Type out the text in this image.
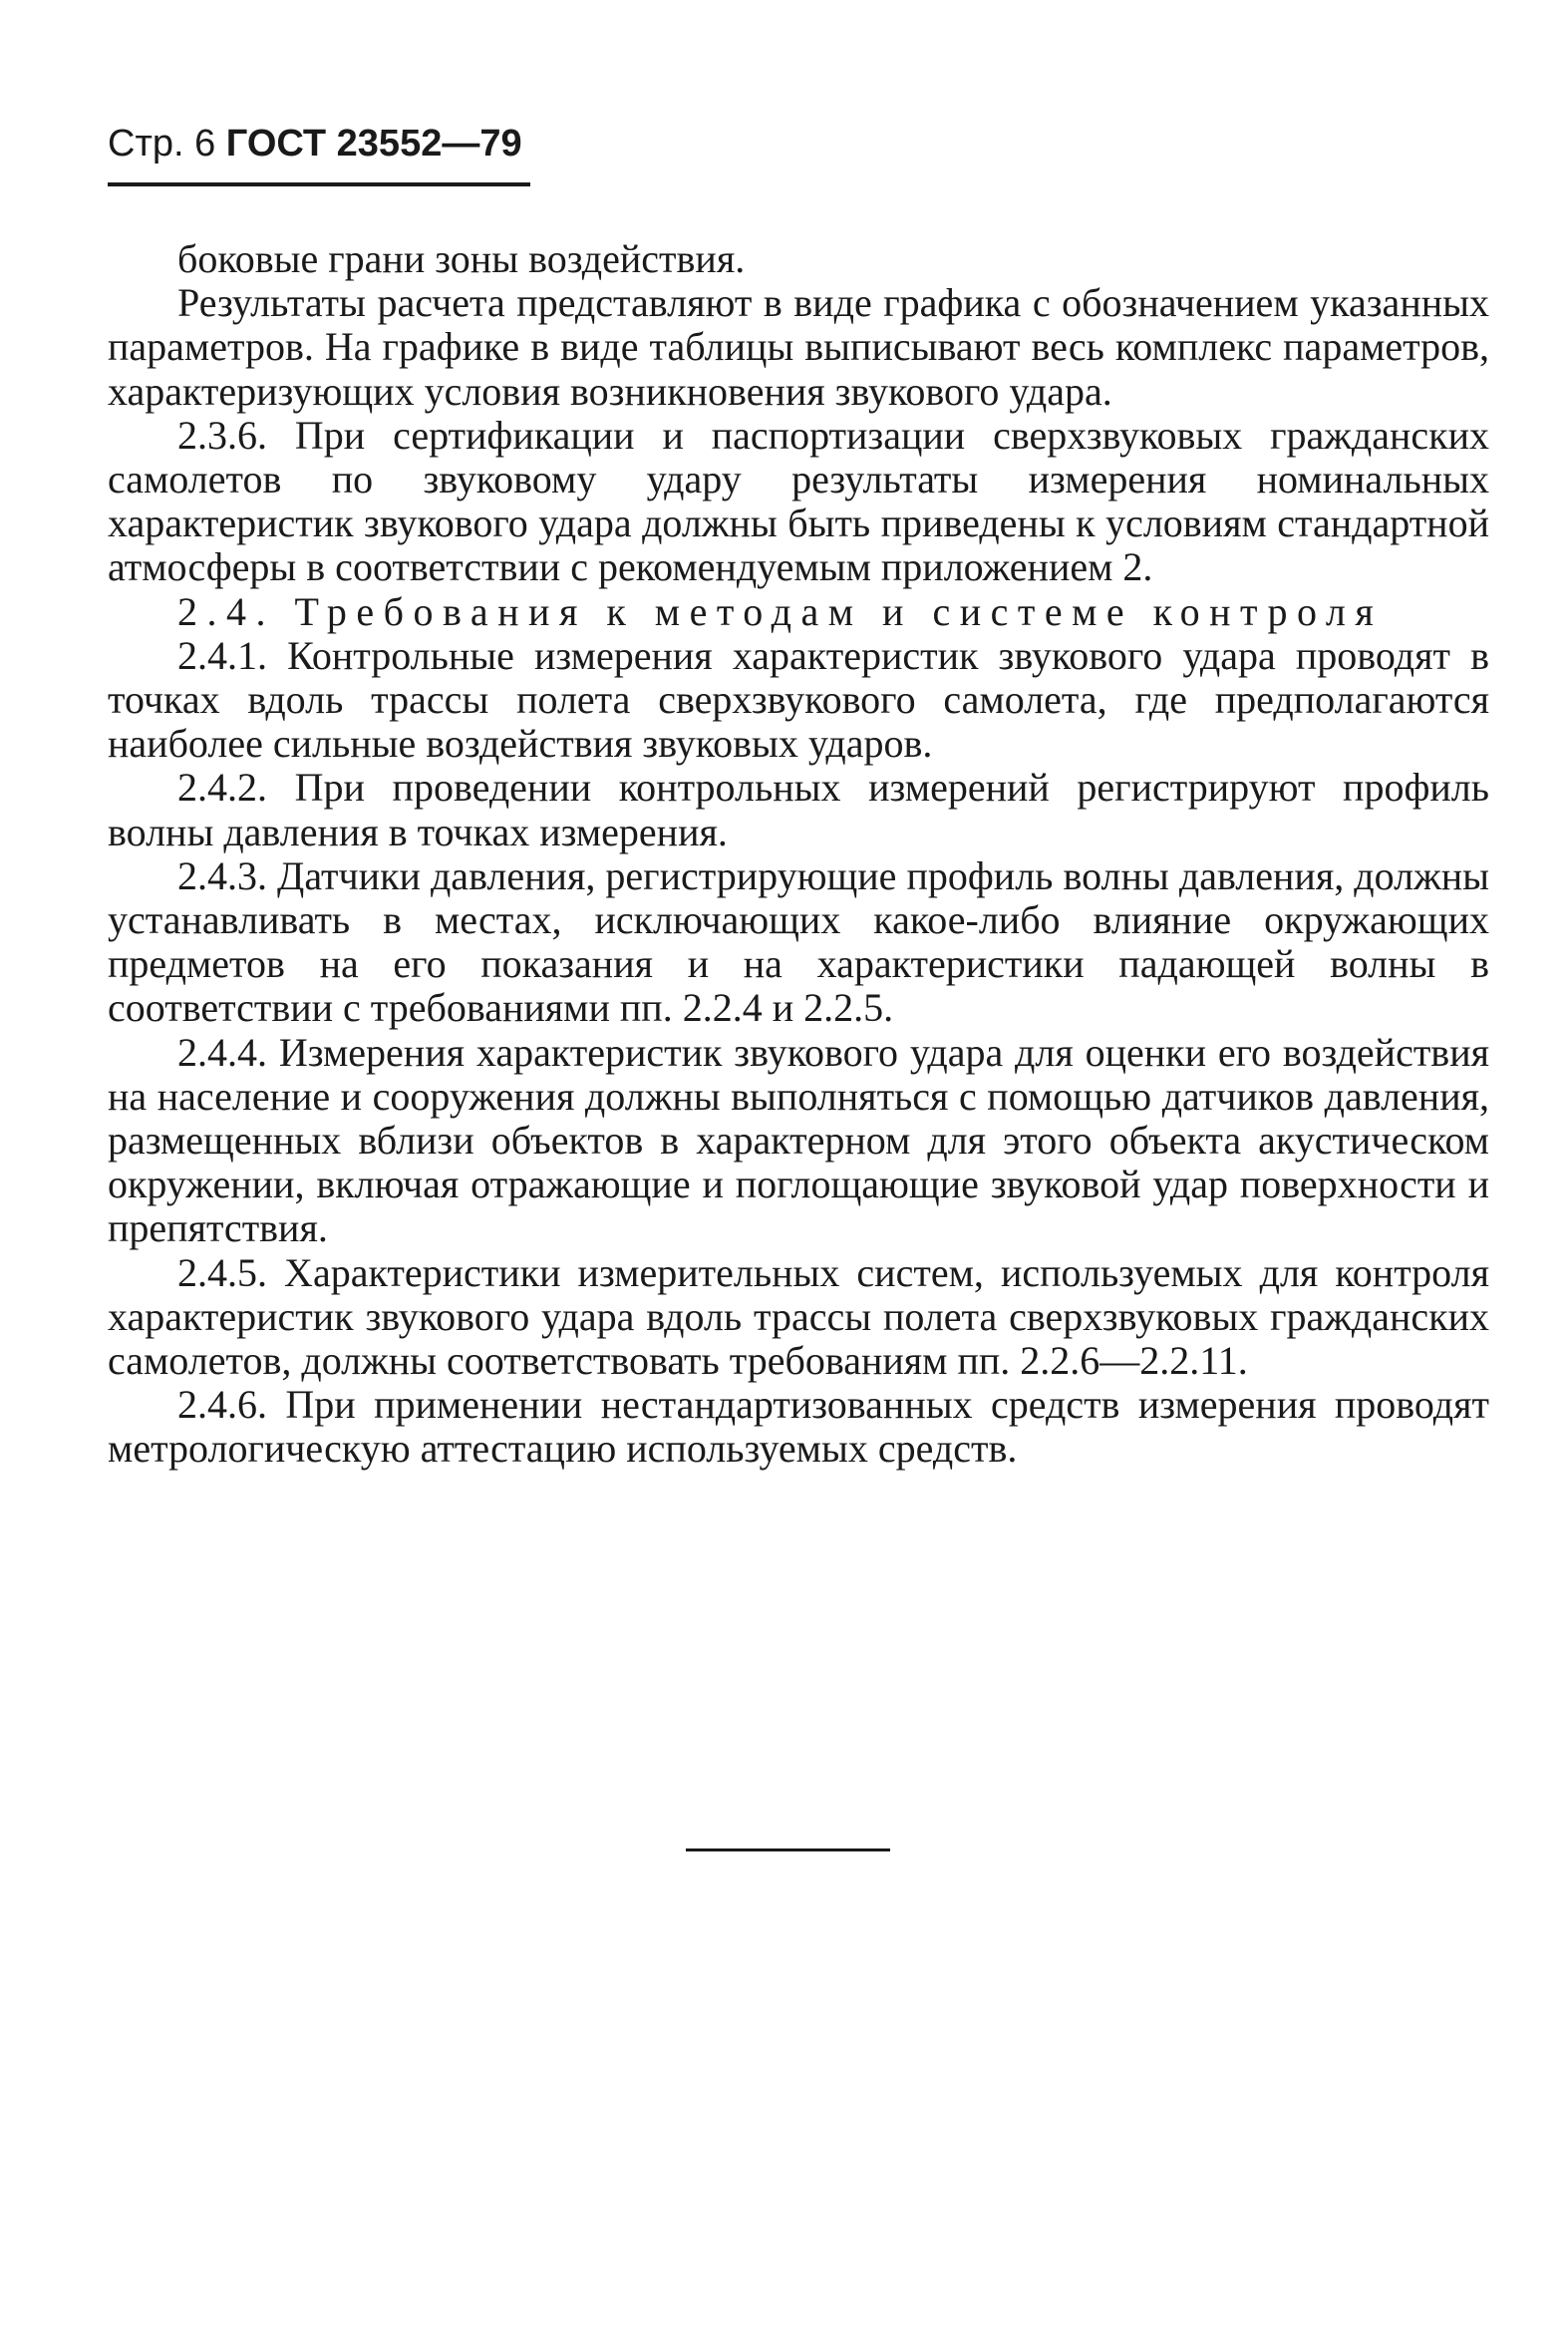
Стр. 6 ГОСТ 23552—79

боковые грани зоны воздействия.

Результаты расчета представляют в виде графика с обозначением указанных параметров. На графике в виде таблицы выписывают весь комплекс параметров, характеризующих условия возникновения звукового удара.

2.3.6. При сертификации и паспортизации сверхзвуковых гражданских самолетов по звуковому удару результаты измерения номинальных характеристик звукового удара должны быть приведены к условиям стандартной атмосферы в соответствии с рекомендуемым приложением 2.

2.4. Требования к методам и системе контроля

2.4.1. Контрольные измерения характеристик звукового удара проводят в точках вдоль трассы полета сверхзвукового самолета, где предполагаются наиболее сильные воздействия звуковых ударов.

2.4.2. При проведении контрольных измерений регистрируют профиль волны давления в точках измерения.

2.4.3. Датчики давления, регистрирующие профиль волны давления, должны устанавливать в местах, исключающих какое-либо влияние окружающих предметов на его показания и на характеристики падающей волны в соответствии с требованиями пп. 2.2.4 и 2.2.5.

2.4.4. Измерения характеристик звукового удара для оценки его воздействия на население и сооружения должны выполняться с помощью датчиков давления, размещенных вблизи объектов в характерном для этого объекта акустическом окружении, включая отражающие и поглощающие звуковой удар поверхности и препятствия.

2.4.5. Характеристики измерительных систем, используемых для контроля характеристик звукового удара вдоль трассы полета сверхзвуковых гражданских самолетов, должны соответствовать требованиям пп. 2.2.6—2.2.11.

2.4.6. При применении нестандартизованных средств измерения проводят метрологическую аттестацию используемых средств.
